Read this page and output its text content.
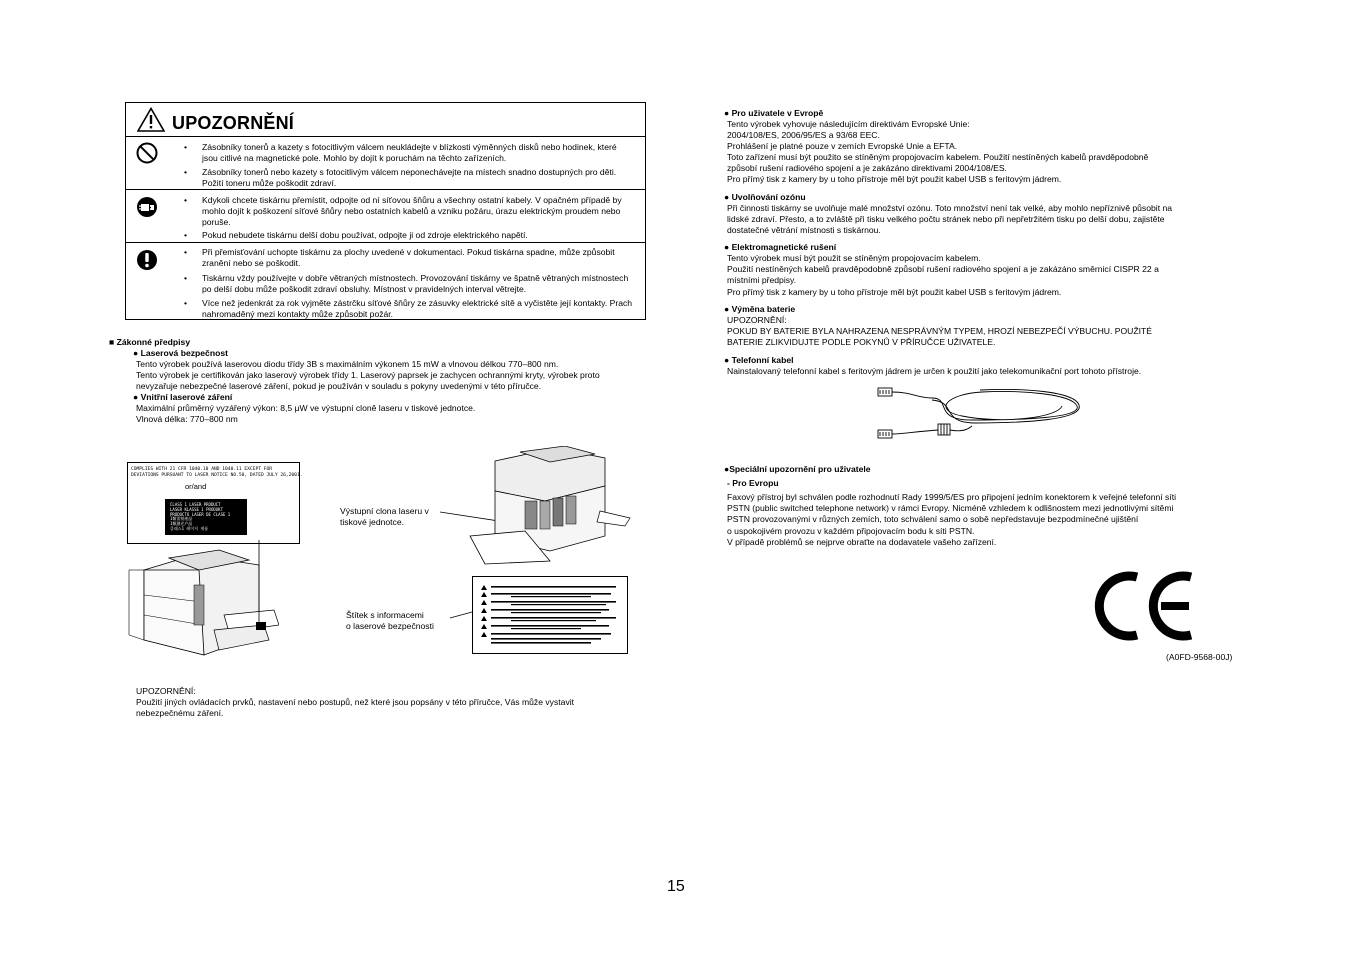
UPOZORNĚNÍ
• Zásobníky tonerů a kazety s fotocitlivým válcem neukládejte v blízkosti výměnných disků nebo hodinek, které jsou citlivé na magnetické pole. Mohlo by dojít k poruchám na těchto zařízeních.
• Zásobníky tonerů nebo kazety s fotocitlivým válcem neponechávejte na místech snadno dostupných pro děti. Požití toneru může poškodit zdraví.
• Kdykoli chcete tiskárnu přemístit, odpojte od ní síťovou šňůru a všechny ostatní kabely. V opačném případě by mohlo dojít k poškození síťové šňůry nebo ostatních kabelů a vzniku požáru, úrazu elektrickým proudem nebo poruše.
• Pokud nebudete tiskárnu delší dobu používat, odpojte ji od zdroje elektrického napětí.
• Při přemisťování uchopte tiskárnu za plochy uvedené v dokumentaci. Pokud tiskárna spadne, může způsobit zranění nebo se poškodit.
• Tiskárnu vždy používejte v dobře větraných místnostech. Provozování tiskárny ve špatně větraných místnostech po delší dobu může poškodit zdraví obsluhy. Místnost v pravidelných interval větrejte.
• Více než jedenkrát za rok vyjměte zástrčku síťové šňůry ze zásuvky elektrické sítě a vyčistěte její kontakty. Prach nahromaděný mezi kontakty může způsobit požár.
■ Zákonné předpisy
● Laserová bezpečnost
Tento výrobek používá laserovou diodu třídy 3B s maximálním výkonem 15 mW a vlnovou délkou 770–800 nm.
Tento výrobek je certifikován jako laserový výrobek třídy 1. Laserový paprsek je zachycen ochrannými kryty, výrobek proto
nevyzařuje nebezpečné laserové záření, pokud je používán v souladu s pokyny uvedenými v této příručce.
● Vnitřní laserové záření
Maximální průměrný vyzářený výkon: 8,5 μW ve výstupní cloně laseru v tiskové jednotce.
Vlnová délka: 770–800 nm
COMPLIES WITH 21 CFR 1040.10 AND 1040.11 EXCEPT FOR
DEVIATIONS PURSUANT TO LASER NOTICE NO.50, DATED JULY 26,2001.
or/and
CLASS 1 LASER PRODUCT
LASER KLASSE 1 PRODUKT
PRODUCTO LASER DE CLASE 1
1類雷射產品
1類激光产品
클래스1 레이저 제품
Výstupní clona laseru v
tiskové jednotce.
Štítek s informacemi
o laserové bezpečnosti
UPOZORNĚNÍ:
Použití jiných ovládacích prvků, nastavení nebo postupů, než které jsou popsány v této příručce, Vás může vystavit
nebezpečnému záření.
● Pro uživatele v Evropě
Tento výrobek vyhovuje následujícím direktivám Evropské Unie:
2004/108/ES, 2006/95/ES a 93/68 EEC.
Prohlášení je platné pouze v zemích Evropské Unie a EFTA.
Toto zařízení musí být použito se stíněným propojovacím kabelem. Použití nestíněných kabelů pravděpodobně
způsobí rušení radiového spojení a je zakázáno direktivami 2004/108/ES.
Pro přímý tisk z kamery by u toho přístroje měl být použit kabel USB s feritovým jádrem.
● Uvolňování ozónu
Při činnosti tiskárny se uvolňuje malé množství ozónu. Toto množství není tak velké, aby mohlo nepříznivě působit na
lidské zdraví. Přesto, a to zvláště při tisku velkého počtu stránek nebo při nepřetržitém tisku po delší dobu, zajistěte
dostatečné větrání místnosti s tiskárnou.
● Elektromagnetické rušení
Tento výrobek musí být použit se stíněným propojovacím kabelem.
Použití nestíněných kabelů pravděpodobně způsobí rušení radiového spojení a je zakázáno směrnicí CISPR 22 a
místními předpisy.
Pro přímý tisk z kamery by u toho přístroje měl být použit kabel USB s feritovým jádrem.
● Výměna baterie
UPOZORNĚNÍ:
POKUD BY BATERIE BYLA NAHRAZENA NESPRÁVNÝM TYPEM, HROZÍ NEBEZPEČÍ VÝBUCHU. POUŽITÉ
BATERIE ZLIKVIDUJTE PODLE POKYNŮ V PŘÍRUČCE UŽIVATELE.
● Telefonní kabel
Nainstalovaný telefonní kabel s feritovým jádrem je určen k použití jako telekomunikační port tohoto přístroje.
●Speciální upozornění pro uživatele
- Pro Evropu
Faxový přístroj byl schválen podle rozhodnutí Rady 1999/5/ES pro připojení jedním konektorem k veřejné telefonní síti
PSTN (public switched telephone network) v rámci Evropy. Nicméně vzhledem k odlišnostem mezi jednotlivými sítěmi
PSTN provozovanými v různých zemích, toto schválení samo o sobě nepředstavuje bezpodmínečné ujištění
o uspokojivém provozu v každém připojovacím bodu k síti PSTN.
V případě problémů se nejprve obraťte na dodavatele vašeho zařízení.
(A0FD-9568-00J)
15
